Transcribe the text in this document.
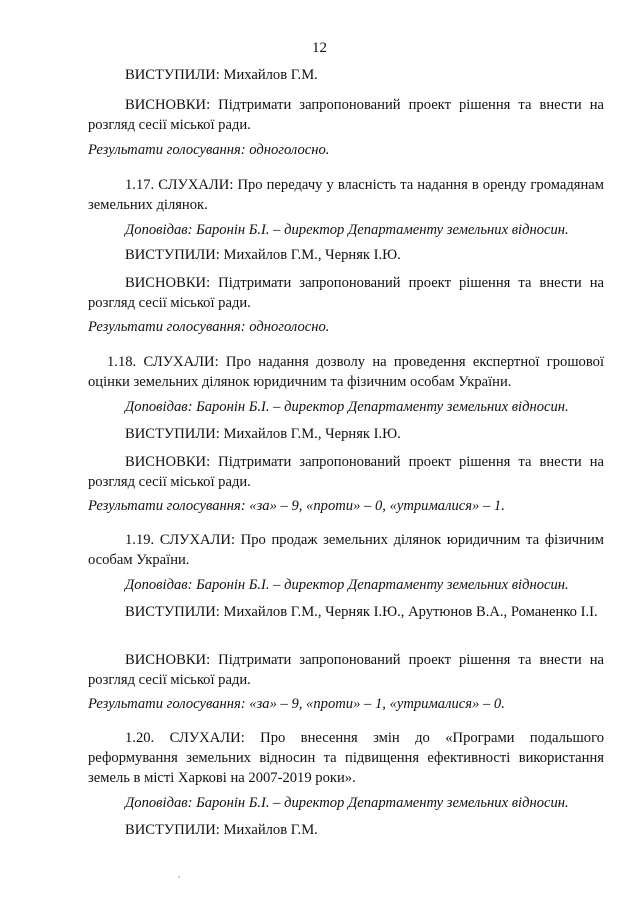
12

ВИСТУПИЛИ: Михайлов Г.М.

ВИСНОВКИ: Підтримати запропонований проект рішення та внести на розгляд сесії міської ради.

Результати голосування: одноголосно.

1.17. СЛУХАЛИ: Про передачу у власність та надання в оренду громадянам земельних ділянок.

Доповідав: Баронін Б.І. – директор Департаменту земельних відносин.

ВИСТУПИЛИ: Михайлов Г.М., Черняк І.Ю.

ВИСНОВКИ: Підтримати запропонований проект рішення та внести на розгляд сесії міської ради.

Результати голосування: одноголосно.

1.18. СЛУХАЛИ: Про надання дозволу на проведення експертної грошової оцінки земельних ділянок юридичним та фізичним особам України.

Доповідав: Баронін Б.І. – директор Департаменту земельних відносин.

ВИСТУПИЛИ: Михайлов Г.М., Черняк І.Ю.

ВИСНОВКИ: Підтримати запропонований проект рішення та внести на розгляд сесії міської ради.

Результати голосування: «за» – 9, «проти» – 0, «утрималися» – 1.

1.19. СЛУХАЛИ: Про продаж земельних ділянок юридичним та фізичним особам України.

Доповідав: Баронін Б.І. – директор Департаменту земельних відносин.

ВИСТУПИЛИ: Михайлов Г.М., Черняк І.Ю., Арутюнов В.А., Романенко І.І.

ВИСНОВКИ: Підтримати запропонований проект рішення та внести на розгляд сесії міської ради.

Результати голосування: «за» – 9, «проти» – 1, «утрималися» – 0.

1.20. СЛУХАЛИ: Про внесення змін до «Програми подальшого реформування земельних відносин та підвищення ефективності використання земель в місті Харкові на 2007-2019 роки».

Доповідав: Баронін Б.І. – директор Департаменту земельних відносин.

ВИСТУПИЛИ: Михайлов Г.М.
